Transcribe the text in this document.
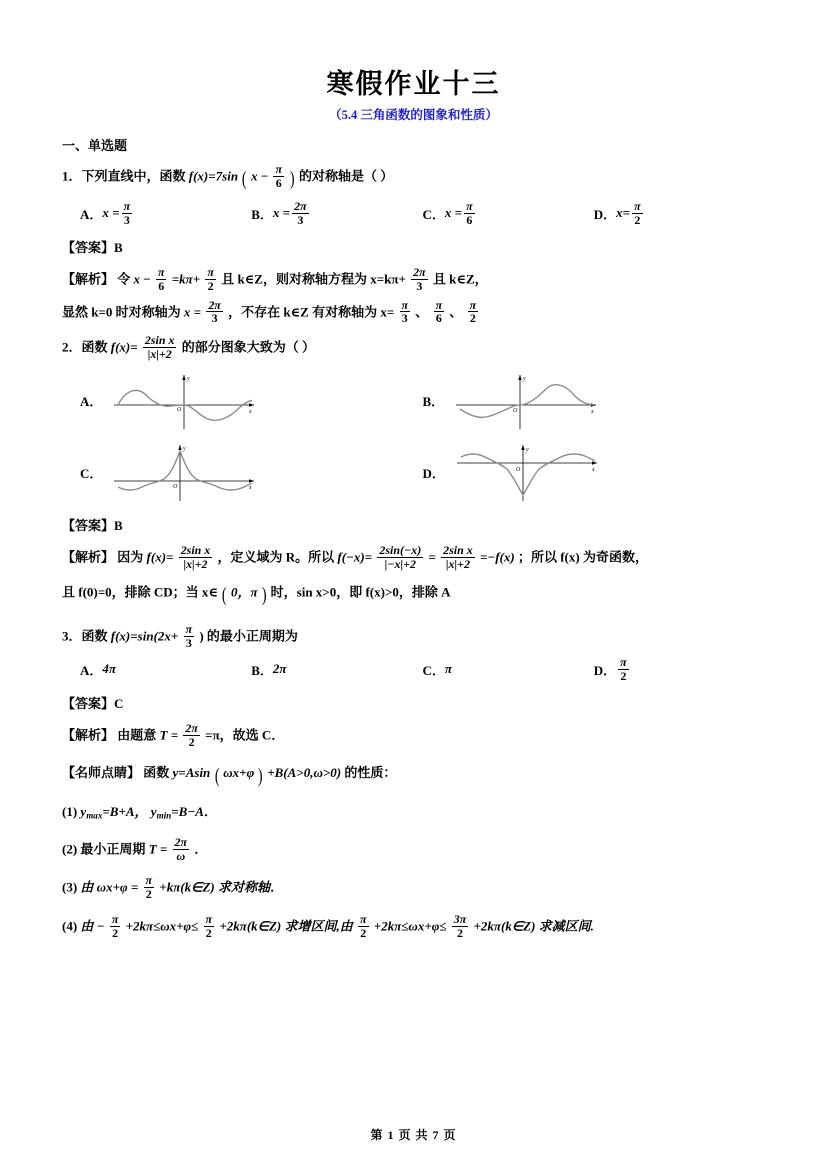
寒假作业十三
（5.4 三角函数的图象和性质）
一、单选题
1．下列直线中，函数 f(x)=7sin ( $x - \frac{\pi}{6}$ ) 的对称轴是（ ）
A． $x = \frac{\pi}{3}$	B． $x = \frac{2\pi}{3}$	C． $x = \frac{\pi}{6}$	D． $x= \frac{\pi}{2}$
【答案】B
【解析】 令 $x - \frac{\pi}{6} =k\pi+ \frac{\pi}{2}$ 且 k∈Z，则对称轴方程为 $x=k\pi+ \frac{2\pi}{3}$ 且 k∈Z，
显然 k=0 时对称轴为 $x = \frac{2\pi}{3}$ ，不存在 k∈Z 有对称轴为 $x= \frac{\pi}{3}$ 、 $\frac{\pi}{6}$ 、 $\frac{\pi}{2}$
2．函数 $f(x)= \frac{\text{2sin x}}{|x|+2}$ 的部分图象大致为（ ）
A．
O	x
y
B．
O	x
y
C．
O	x
y
D．	O	x
y
【答案】B
【解析】 因为 $f(x)= \frac{\text{2sin x}}{|x|+2}$ ，定义域为 R。所以 $f(-x)= \frac{2\sin(-x)}{|-x|+2} = \frac{\text{2sin x}}{|x|+2} =-f(x)$ ；所以 f(x) 为奇函数，
且 f(0)=0，排除 CD；当 x∈ ( 0，π ) 时，sin x>0，即 f(x)>0，排除 A
3．函数 $f(x)=\sin(2x+ \frac{\pi}{3}$ ) 的最小正周期为
A． 4π	B． 2π	C． π	D． $\frac{\pi}{2}$
【答案】C
【解析】 由题意 $T = \frac{2\pi}{2} =\pi$，故选 C．
【名师点睛】 函数 y=Asin ( ωx+φ ) +B(A>0,ω>0) 的性质：
(1) $y_{max}=B+A$， $y_{min}=B-A$．
(2) 最小正周期 $T = \frac{2\pi}{\omega}$ ．
(3) 由 $\omega x+\varphi = \frac{\pi}{2}$ +kπ(k∈Z) 求对称轴．
(4) 由 − $\frac{\pi}{2} +2k\pi\le\omega x+\varphi\le \frac{\pi}{2}$ +2kπ(k∈Z) 求增区间,由 $\frac{\pi}{2} +2k\pi\le\omega x+\varphi\le \frac{3\pi}{2}$ +2kπ(k∈Z) 求减区间.
第 1 页 共 7 页
